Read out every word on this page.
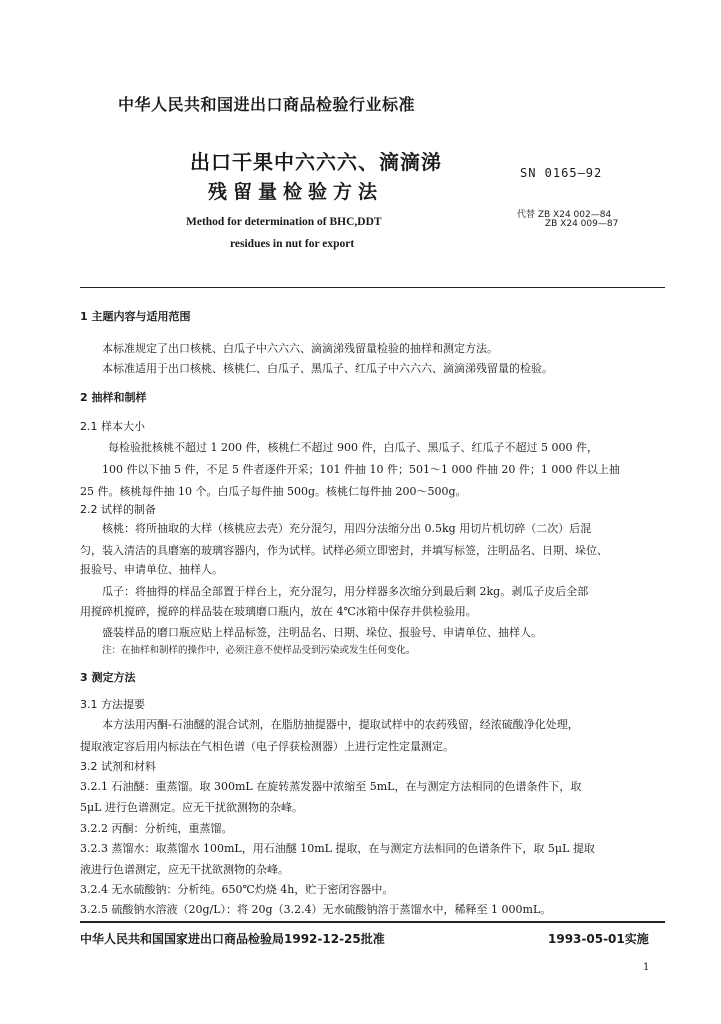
中华人民共和国进出口商品检验行业标准
出口干果中六六六、滴滴涕
残留量检验方法
SN 0165—92
Method for determination of BHC,DDT
residues in nut for export
代替 ZB X24 002—84
ZB X24 009—87
1 主题内容与适用范围
本标准规定了出口核桃、白瓜子中六六六、滴滴涕残留量检验的抽样和测定方法。
本标准适用于出口核桃、核桃仁、白瓜子、黑瓜子、红瓜子中六六六、滴滴涕残留量的检验。
2 抽样和制样
2.1 样本大小
每检验批核桃不超过 1 200 件，核桃仁不超过 900 件，白瓜子、黑瓜子、红瓜子不超过 5 000 件，
100 件以下抽 5 件，不足 5 件者逐件开采；101 件抽 10 件；501～1 000 件抽 20 件；1 000 件以上抽
25 件。核桃每件抽 10 个。白瓜子每件抽 500g。核桃仁每件抽 200～500g。
2.2 试样的制备
核桃：将所抽取的大样（核桃应去壳）充分混匀，用四分法缩分出 0.5kg 用切片机切碎（二次）后混
匀，装入清洁的具磨塞的玻璃容器内，作为试样。试样必须立即密封，并填写标签，注明品名、日期、垛位、
报验号、申请单位、抽样人。
瓜子：将抽得的样品全部置于样台上，充分混匀，用分样器多次缩分到最后剩 2kg。剥瓜子皮后全部
用搅碎机搅碎，搅碎的样品装在玻璃磨口瓶内，放在 4℃冰箱中保存并供检验用。
盛装样品的磨口瓶应贴上样品标签，注明品名、日期、垛位、报验号、申请单位、抽样人。
注：在抽样和制样的操作中，必须注意不使样品受到污染或发生任何变化。
3 测定方法
3.1 方法提要
本方法用丙酮-石油醚的混合试剂，在脂肪抽提器中，提取试样中的农药残留，经浓硫酸净化处理，
提取液定容后用内标法在气相色谱（电子俘获检测器）上进行定性定量测定。
3.2 试剂和材料
3.2.1 石油醚：重蒸馏。取 300mL 在旋转蒸发器中浓缩至 5mL，在与测定方法相同的色谱条件下，取
5μL 进行色谱测定。应无干扰欲测物的杂峰。
3.2.2 丙酮：分析纯，重蒸馏。
3.2.3 蒸馏水：取蒸馏水 100mL，用石油醚 10mL 提取，在与测定方法相同的色谱条件下，取 5μL 提取
液进行色谱测定，应无干扰欲测物的杂峰。
3.2.4 无水硫酸钠：分析纯。650℃灼烧 4h，贮于密闭容器中。
3.2.5 硫酸钠水溶液（20g/L）：将 20g（3.2.4）无水硫酸钠溶于蒸馏水中，稀释至 1 000mL。
中华人民共和国国家进出口商品检验局1992-12-25批准	1993-05-01实施
1
